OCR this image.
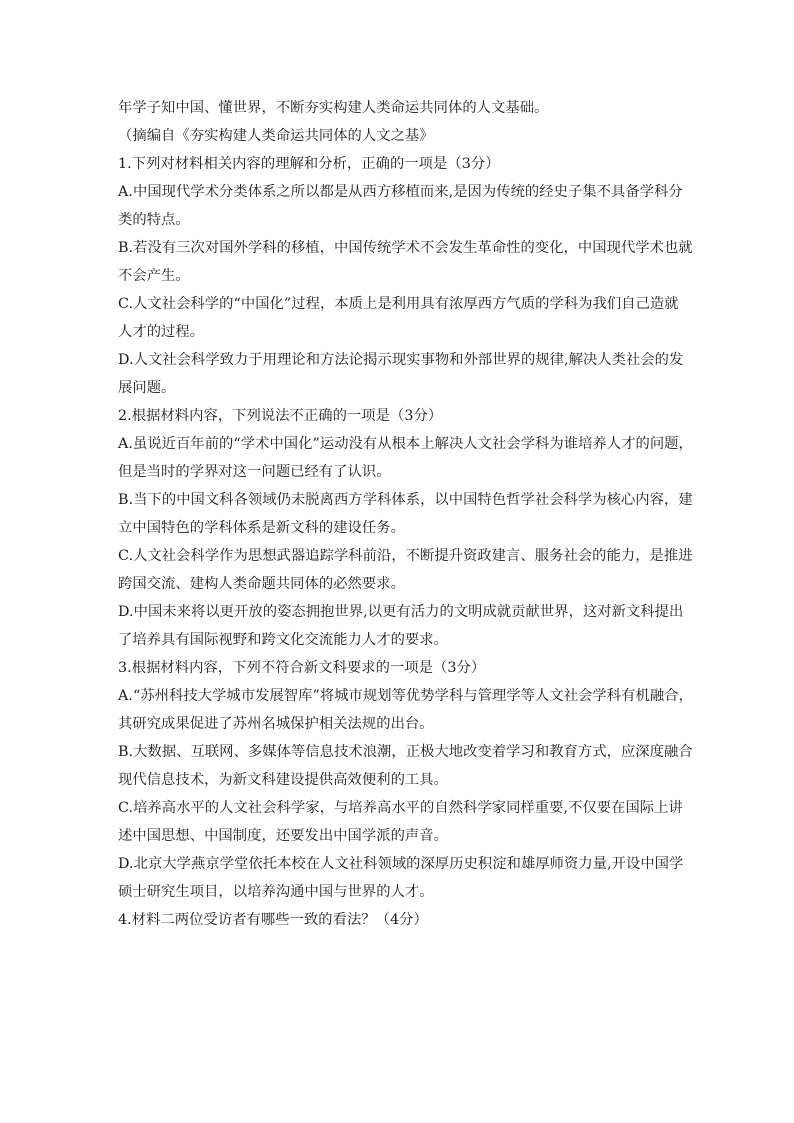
年学子知中国、懂世界，不断夯实构建人类命运共同体的人文基础。
（摘编自《夯实构建人类命运共同体的人文之基》
1.下列对材料相关内容的理解和分析，正确的一项是（3分）
A.中国现代学术分类体系之所以都是从西方移植而来,是因为传统的经史子集不具备学科分
类的特点。
B.若没有三次对国外学科的移植，中国传统学术不会发生革命性的变化，中国现代学术也就
不会产生。
C.人文社会科学的“中国化”过程，本质上是利用具有浓厚西方气质的学科为我们自己造就
人才的过程。
D.人文社会科学致力于用理论和方法论揭示现实事物和外部世界的规律,解决人类社会的发
展问题。
2.根据材料内容，下列说法不正确的一项是（3分）
A.虽说近百年前的“学术中国化”运动没有从根本上解决人文社会学科为谁培养人才的问题，
但是当时的学界对这一问题已经有了认识。
B.当下的中国文科各领域仍未脱离西方学科体系，以中国特色哲学社会科学为核心内容，建
立中国特色的学科体系是新文科的建设任务。
C.人文社会科学作为思想武器追踪学科前沿，不断提升资政建言、服务社会的能力，是推进
跨国交流、建构人类命题共同体的必然要求。
D.中国未来将以更开放的姿态拥抱世界,以更有活力的文明成就贡献世界，这对新文科提出
了培养具有国际视野和跨文化交流能力人才的要求。
3.根据材料内容，下列不符合新文科要求的一项是（3分）
A.“苏州科技大学城市发展智库”将城市规划等优势学科与管理学等人文社会学科有机融合，
其研究成果促进了苏州名城保护相关法规的出台。
B.大数据、互联网、多媒体等信息技术浪潮，正极大地改变着学习和教育方式，应深度融合
现代信息技术，为新文科建设提供高效便利的工具。
C.培养高水平的人文社会科学家，与培养高水平的自然科学家同样重要,不仅要在国际上讲
述中国思想、中国制度，还要发出中国学派的声音。
D.北京大学燕京学堂依托本校在人文社科领域的深厚历史积淀和雄厚师资力量,开设中国学
硕士研究生项目，以培养沟通中国与世界的人才。
4.材料二两位受访者有哪些一致的看法？（4分）
